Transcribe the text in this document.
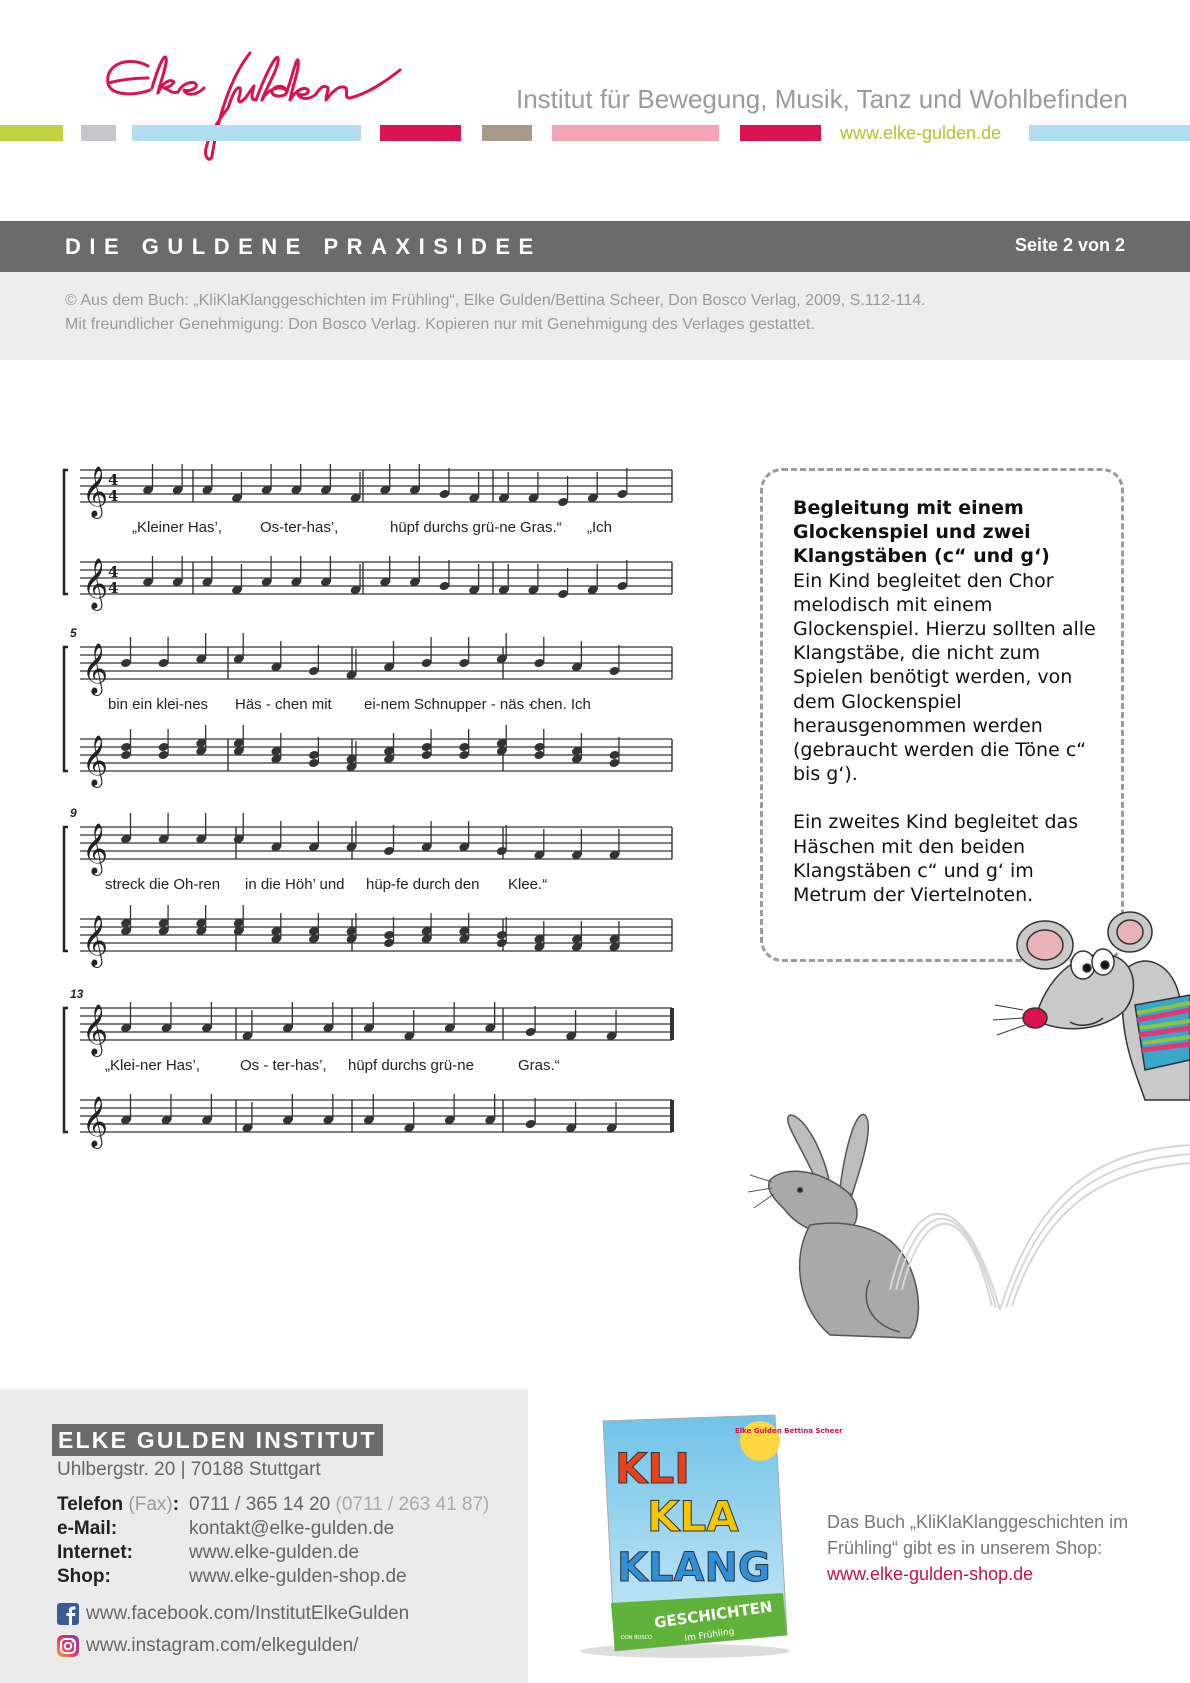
Institut für Bewegung, Musik, Tanz und Wohlbefinden
www.elke-gulden.de
DIE GULDENE PRAXISIDEE	Seite 2 von 2
© Aus dem Buch: „KliKlaKlanggeschichten im Frühling“, Elke Gulden/Bettina Scheer, Don Bosco Verlag, 2009, S.112-114.
Mit freundlicher Genehmigung: Don Bosco Verlag. Kopieren nur mit Genehmigung des Verlages gestattet.
𝄞 4
4
𝄞 4
4
„Kleiner Has’,	Os-ter-has’,	hüpf durchs grü-ne Gras.“ „Ich
𝄞
𝄞
5
bin ein klei-nes Häs - chen mit ei-nem Schnupper - näs -
chen. Ich
𝄞
𝄞
9
streck die Oh-ren in die Höh’ und hüp-fe durch den Klee.“
𝄞
𝄞
13
„Klei-ner Has’,	Os - ter-has’, hüpf durchs grü-ne	Gras.“

Begleitung mit einem Glockenspiel und zwei Klangstäben (c“ und g‘)

Ein Kind begleitet den Chor melodisch mit einem Glockenspiel. Hierzu sollten alle Klangstäbe, die nicht zum Spielen benötigt werden, von dem Glockenspiel herausgenommen werden (gebraucht werden die Töne c“ bis g‘).

Ein zweites Kind begleitet das Häschen mit den beiden Klangstäben c“ und g‘ im Metrum der Viertelnoten.

ELKE GULDEN INSTITUT
Uhlbergstr. 20 | 70188 Stuttgart
Telefon (Fax): 0711 / 365 14 20 (0711 / 263 41 87)
e-Mail:	kontakt@elke-gulden.de
Internet:	www.elke-gulden.de
Shop:	www.elke-gulden-shop.de
www.facebook.com/InstitutElkeGulden
www.instagram.com/elkegulden/
Elke Gulden Bettina Scheer
KLI
KLA
KLANG
GESCHICHTEN
im Frühling
DON BOSCO
Das Buch „KliKlaKlanggeschichten im
Frühling“ gibt es in unserem Shop:
www.elke-gulden-shop.de
